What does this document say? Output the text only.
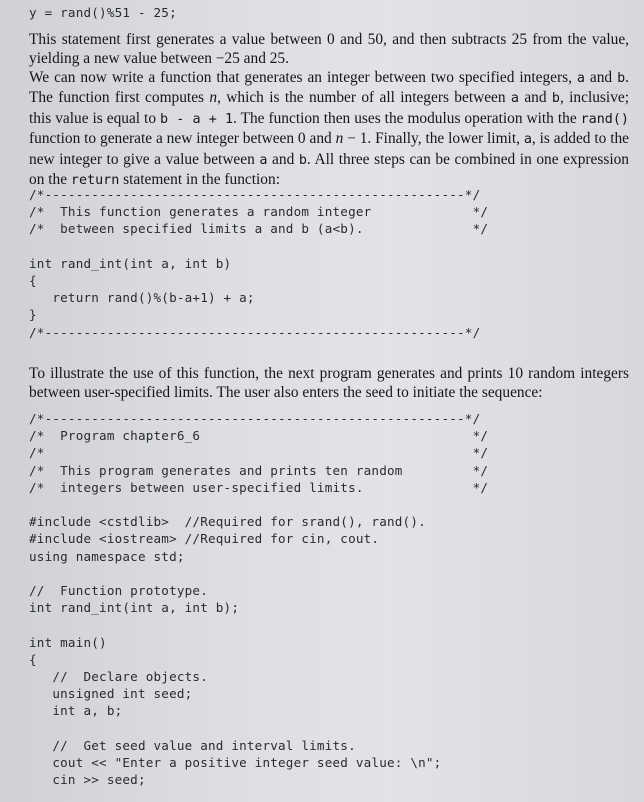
y = rand()%51 - 25;

This statement first generates a value between 0 and 50, and then subtracts 25 from the value, yielding a new value between −25 and 25.

We can now write a function that generates an integer between two specified integers, a and b. The function first computes n, which is the number of all integers between a and b, inclusive; this value is equal to b - a + 1. The function then uses the modulus operation with the rand() function to generate a new integer between 0 and n − 1. Finally, the lower limit, a, is added to the new integer to give a value between a and b. All three steps can be combined in one expression on the return statement in the function:

/*------------------------------------------------------*/
/*  This function generates a random integer             */
/*  between specified limits a and b (a<b).              */

int rand_int(int a, int b)
{
return rand()%(b-a+1) + a;
}
/*------------------------------------------------------*/

To illustrate the use of this function, the next program generates and prints 10 random integers between user-specified limits. The user also enters the seed to initiate the sequence:

/*------------------------------------------------------*/
/*  Program chapter6_6                                   */
/*                                                       */
/*  This program generates and prints ten random         */
/*  integers between user-specified limits.              */

#include <cstdlib>  //Required for srand(), rand().
#include <iostream> //Required for cin, cout.
using namespace std;

//  Function prototype.
int rand_int(int a, int b);

int main()
{
//  Declare objects.
unsigned int seed;
int a, b;

//  Get seed value and interval limits.
cout << "Enter a positive integer seed value: \n";
cin >> seed;
